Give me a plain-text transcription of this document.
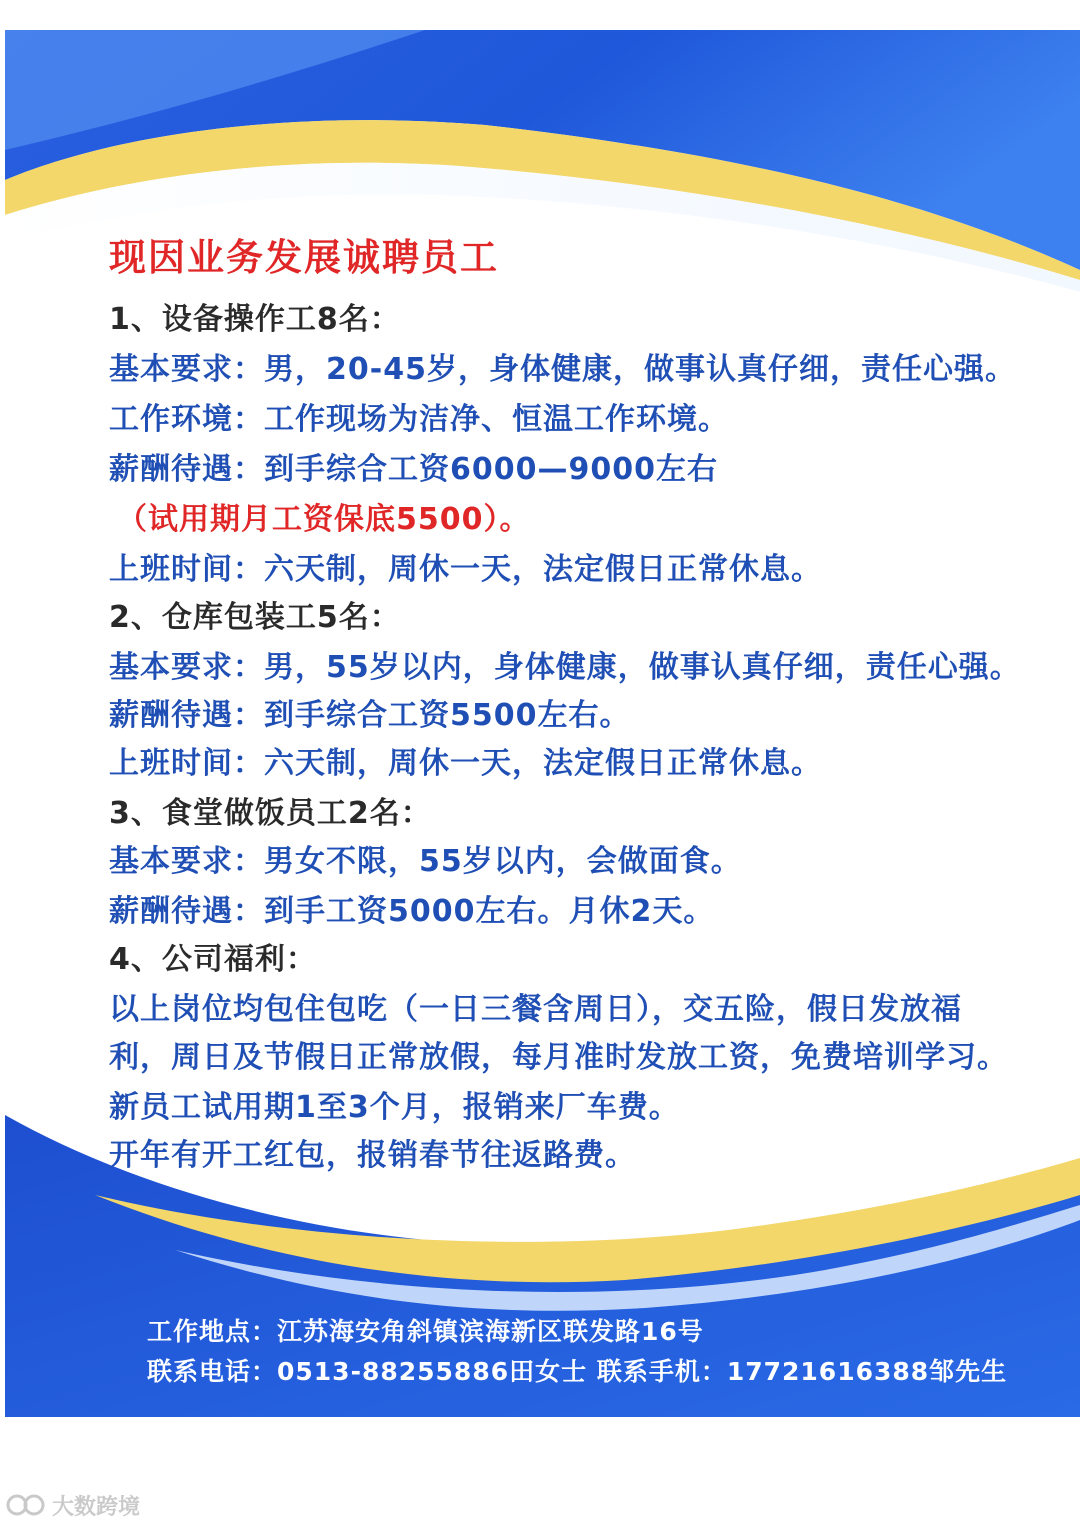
现因业务发展诚聘员工
1、设备操作工8名：
基本要求：男，20-45岁，身体健康，做事认真仔细，责任心强。
工作环境：工作现场为洁净、恒温工作环境。
薪酬待遇：到手综合工资6000—9000左右
（试用期月工资保底5500）。
上班时间：六天制，周休一天，法定假日正常休息。
2、仓库包装工5名：
基本要求：男，55岁以内，身体健康，做事认真仔细，责任心强。
薪酬待遇：到手综合工资5500左右。
上班时间：六天制，周休一天，法定假日正常休息。
3、食堂做饭员工2名：
基本要求：男女不限，55岁以内，会做面食。
薪酬待遇：到手工资5000左右。月休2天。
4、公司福利：
以上岗位均包住包吃（一日三餐含周日），交五险，假日发放福
利，周日及节假日正常放假，每月准时发放工资，免费培训学习。
新员工试用期1至3个月，报销来厂车费。
开年有开工红包，报销春节往返路费。
工作地点：江苏海安角斜镇滨海新区联发路16号
联系电话：0513-88255886田女士 联系手机：17721616388邹先生
大数跨境
